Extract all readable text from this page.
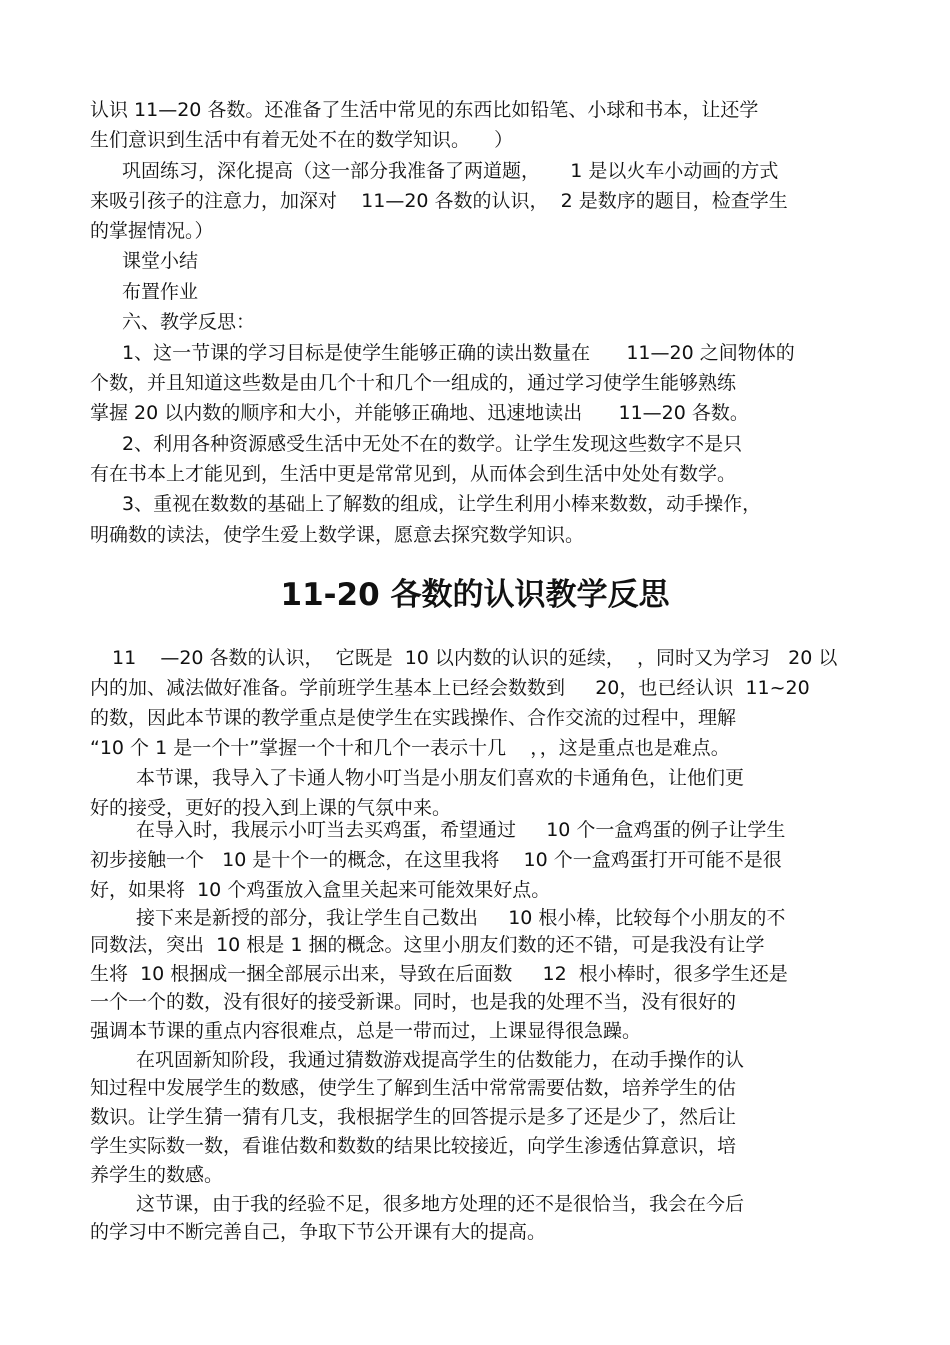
认识 11—20 各数。还准备了生活中常见的东西比如铅笔、小球和书本，让还学

生们意识到生活中有着无处不在的数学知识。    ）

巩固练习，深化提高（这一部分我准备了两道题，     1 是以火车小动画的方式

来吸引孩子的注意力，加深对    11—20 各数的认识，  2 是数序的题目，检查学生

的掌握情况。）

课堂小结

布置作业

六、教学反思：

1、这一节课的学习目标是使学生能够正确的读出数量在      11—20 之间物体的

个数，并且知道这些数是由几个十和几个一组成的，通过学习使学生能够熟练

掌握 20 以内数的顺序和大小，并能够正确地、迅速地读出      11—20 各数。

2、利用各种资源感受生活中无处不在的数学。让学生发现这些数字不是只

有在书本上才能见到，生活中更是常常见到，从而体会到生活中处处有数学。

3、重视在数数的基础上了解数的组成，让学生利用小棒来数数，动手操作，

明确数的读法，使学生爱上数学课，愿意去探究数学知识。

11-20 各数的认识教学反思

11    —20 各数的认识，  它既是  10 以内数的认识的延续，  ，同时又为学习   20 以

内的加、减法做好准备。学前班学生基本上已经会数数到     20，也已经认识  11~20

的数，因此本节课的教学重点是使学生在实践操作、合作交流的过程中，理解

“10 个 1 是一个十”掌握一个十和几个一表示十几    ，，这是重点也是难点。

本节课，我导入了卡通人物小叮当是小朋友们喜欢的卡通角色，让他们更

好的接受，更好的投入到上课的气氛中来。

在导入时，我展示小叮当去买鸡蛋，希望通过     10 个一盒鸡蛋的例子让学生

初步接触一个   10 是十个一的概念，在这里我将    10 个一盒鸡蛋打开可能不是很

好，如果将  10 个鸡蛋放入盒里关起来可能效果好点。

接下来是新授的部分，我让学生自己数出     10 根小棒，比较每个小朋友的不

同数法，突出  10 根是 1 捆的概念。这里小朋友们数的还不错，可是我没有让学

生将  10 根捆成一捆全部展示出来，导致在后面数     12  根小棒时，很多学生还是

一个一个的数，没有很好的接受新课。同时，也是我的处理不当，没有很好的

强调本节课的重点内容很难点，总是一带而过，上课显得很急躁。

在巩固新知阶段，我通过猜数游戏提高学生的估数能力，在动手操作的认

知过程中发展学生的数感，使学生了解到生活中常常需要估数，培养学生的估

数识。让学生猜一猜有几支，我根据学生的回答提示是多了还是少了，然后让

学生实际数一数，看谁估数和数数的结果比较接近，向学生渗透估算意识，培

养学生的数感。

这节课，由于我的经验不足，很多地方处理的还不是很恰当，我会在今后

的学习中不断完善自己，争取下节公开课有大的提高。
